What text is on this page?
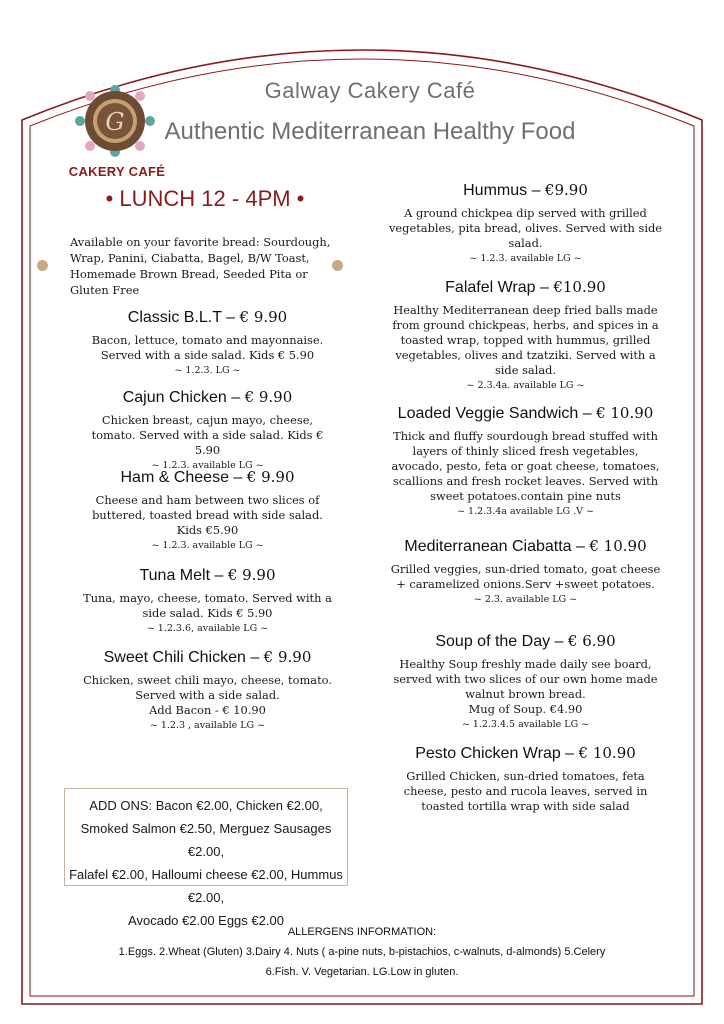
G
CAKERY CAFÉ
Galway Cakery Café
Authentic Mediterranean Healthy Food
• LUNCH 12 - 4PM •
Available on your favorite bread: Sourdough, Wrap, Panini, Ciabatta, Bagel, B/W Toast, Homemade Brown Bread, Seeded Pita or Gluten Free
Classic B.L.T – € 9.90
Bacon, lettuce, tomato and mayonnaise. Served with a side salad. Kids € 5.90
~ 1.2.3. LG ~
Cajun Chicken – € 9.90
Chicken breast, cajun mayo, cheese, tomato. Served with a side salad. Kids € 5.90
~ 1.2.3. available LG ~
Ham & Cheese – € 9.90
Cheese and ham between two slices of buttered, toasted bread with side salad. Kids €5.90
~ 1.2.3. available LG ~
Tuna Melt – € 9.90
Tuna, mayo, cheese, tomato. Served with a side salad. Kids € 5.90
~ 1.2.3.6, available LG ~
Sweet Chili Chicken – € 9.90
Chicken, sweet chili mayo, cheese, tomato. Served with a side salad.
Add Bacon - € 10.90
~ 1.2.3 , available LG ~
Hummus – €9.90
A ground chickpea dip served with grilled vegetables, pita bread, olives. Served with side salad.
~ 1.2.3. available LG ~
Falafel Wrap – €10.90
Healthy Mediterranean deep fried balls made from ground chickpeas, herbs, and spices in a toasted wrap, topped with hummus, grilled vegetables, olives and tzatziki. Served with a side salad.
~ 2.3.4a. available LG ~
Loaded Veggie Sandwich – € 10.90
Thick and fluffy sourdough bread stuffed with layers of thinly sliced fresh vegetables, avocado, pesto, feta or goat cheese, tomatoes, scallions and fresh rocket leaves. Served with sweet potatoes.contain pine nuts
~ 1.2.3.4a available LG .V ~
Mediterranean Ciabatta – € 10.90
Grilled veggies, sun-dried tomato, goat cheese + caramelized onions.Serv +sweet potatoes.
~ 2.3. available LG ~
Soup of the Day – € 6.90
Healthy Soup freshly made daily see board, served with two slices of our own home made walnut brown bread.
Mug of Soup. €4.90
~ 1.2.3.4.5 available LG ~
Pesto Chicken Wrap – € 10.90
Grilled Chicken, sun-dried tomatoes, feta cheese, pesto and rucola leaves, served in toasted tortilla wrap with side salad
ADD ONS: Bacon €2.00, Chicken €2.00,
Smoked Salmon €2.50, Merguez Sausages €2.00,
Falafel €2.00, Halloumi cheese €2.00, Hummus €2.00,
Avocado €2.00 Eggs €2.00
ALLERGENS INFORMATION:
1.Eggs. 2.Wheat (Gluten) 3.Dairy 4. Nuts ( a-pine nuts, b-pistachios, c-walnuts, d-almonds) 5.Celery
6.Fish. V. Vegetarian. LG.Low in gluten.
